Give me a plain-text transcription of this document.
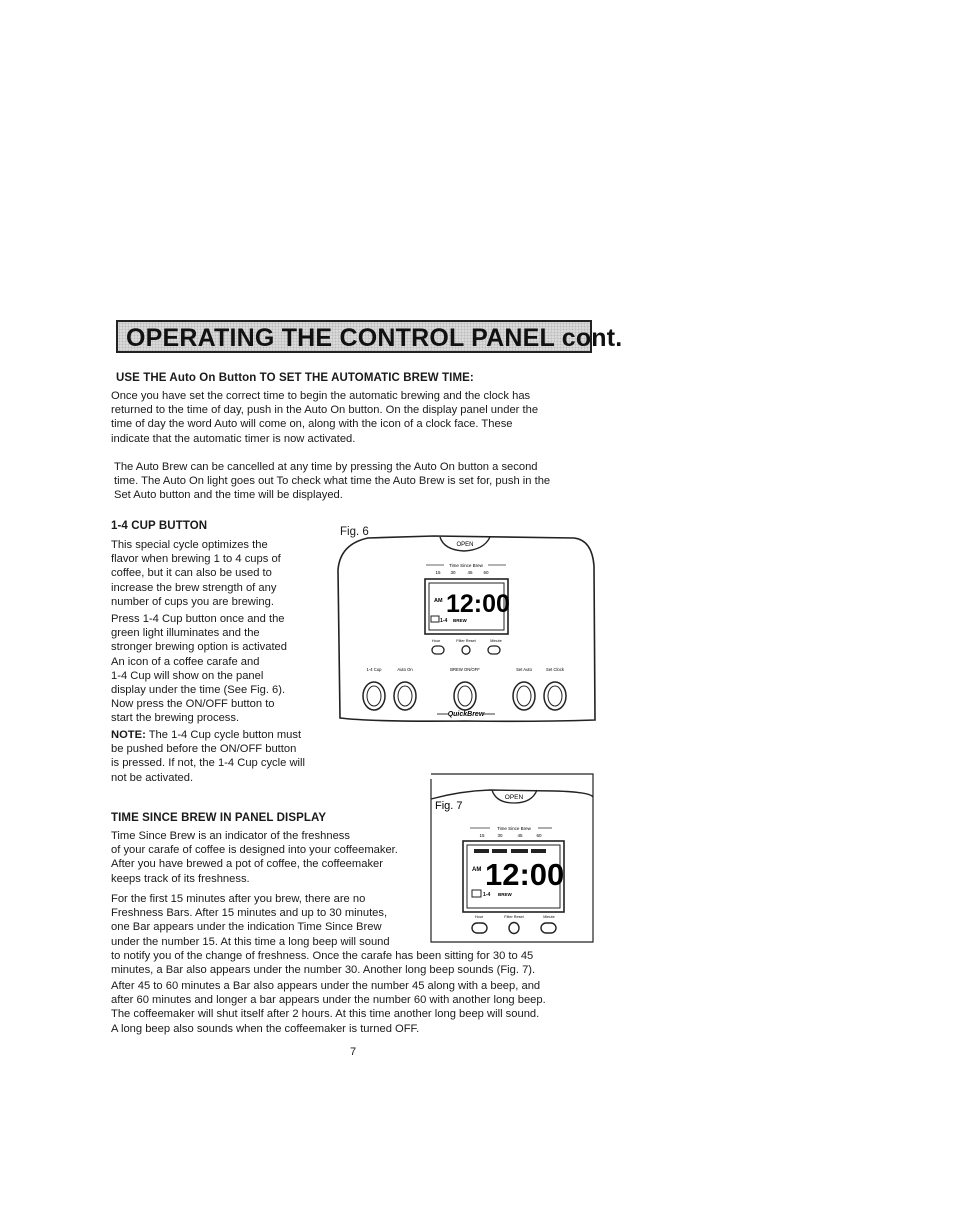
OPERATING THE CONTROL PANEL cont.
USE THE Auto On Button TO SET THE AUTOMATIC BREW TIME:

Once you have set the correct time to begin the automatic brewing and the clock has

returned to the time of day, push in the Auto On button. On the display panel under the

time of day the word Auto will come on, along with the icon of a clock face. These

indicate that the automatic timer is now activated.

The Auto Brew can be cancelled at any time by pressing the Auto On button a second

time. The Auto On light goes out To check what time the Auto Brew is set for, push in the

Set Auto button and the time will be displayed.

1-4 CUP BUTTON

This special cycle optimizes the

flavor when brewing 1 to 4 cups of

coffee, but it can also be used to

increase the brew strength of any

number of cups you are brewing.

Press 1-4 Cup button once and the

green light illuminates and the

stronger brewing option is activated

An icon of a coffee carafe and

1-4 Cup will show on the panel

display under the time (See Fig. 6).

Now press the ON/OFF button to

start the brewing process.

NOTE: The 1-4 Cup cycle button must

be pushed before the ON/OFF button

is pressed. If not, the 1-4 Cup cycle will

not be activated.

Fig. 6
OPEN
Time Since Brew
15 30	45 60
AM 12:00
1-4 BREW
Hour	Filter Reset	Minute
1-4 Cup	Auto On	BREW ON/OFF	Set Auto	Set Clock
QuickBrew
OPEN
Fig. 7
Time Since Brew
15	30	45	60
AM 12:00
1-4 BREW
Hour	Filter Reset	Minute
TIME SINCE BREW IN PANEL DISPLAY

Time Since Brew is an indicator of the freshness

of your carafe of coffee is designed into your coffeemaker.

After you have brewed a pot of coffee, the coffeemaker

keeps track of its freshness.

For the first 15 minutes after you brew, there are no

Freshness Bars. After 15 minutes and up to 30 minutes,

one Bar appears under the indication Time Since Brew

under the number 15. At this time a long beep will sound

to notify you of the change of freshness. Once the carafe has been sitting for 30 to 45

minutes, a Bar also appears under the number 30. Another long beep sounds (Fig. 7).

After 45 to 60 minutes a Bar also appears under the number 45 along with a beep, and

after 60 minutes and longer a bar appears under the number 60 with another long beep.

The coffeemaker will shut itself after 2 hours. At this time another long beep will sound.

A long beep also sounds when the coffeemaker is turned OFF.

7
